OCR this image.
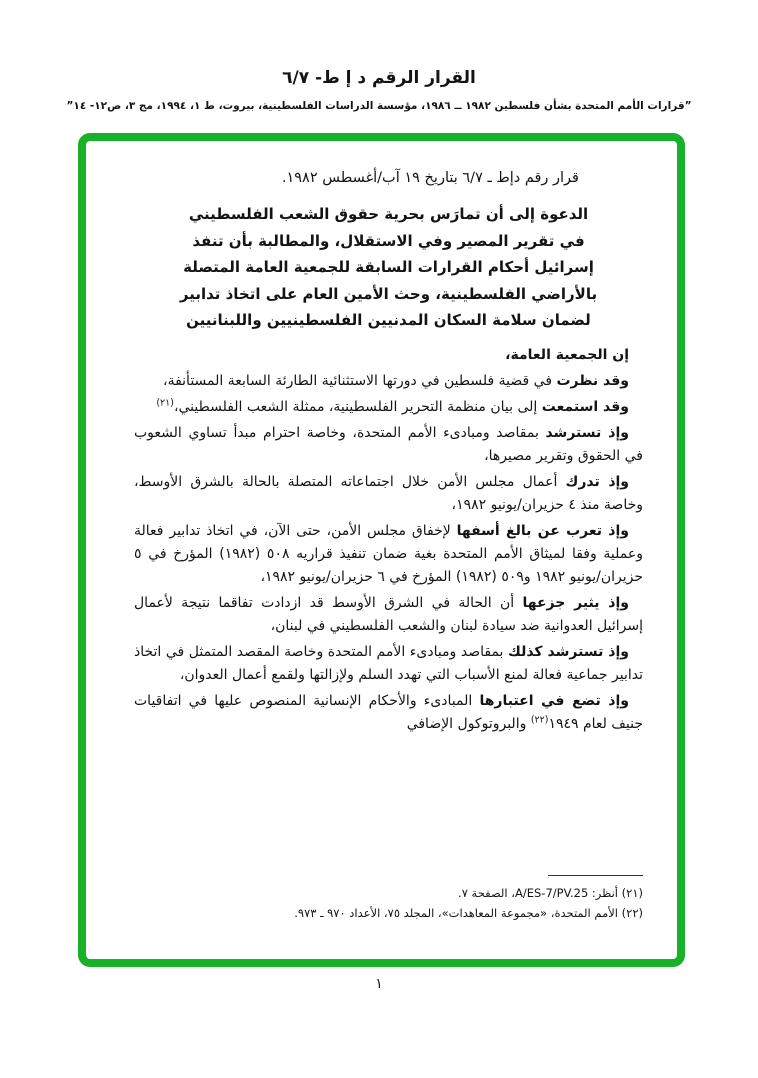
القرار الرقم د إ ط- ٦/٧
”قرارات الأمم المتحدة بشأن فلسطين ١٩٨٢ ــ ١٩٨٦، مؤسسة الدراسات الفلسطينية، بيروت، ط ١، ١٩٩٤، مج ٣، ص١٢- ١٤”
قرار رقم دإط ـ ٦/٧ بتاريخ ١٩ آب/أغسطس ١٩٨٢.
الدعوة إلى أن تمارَس بحرية حقوق الشعب الفلسطيني
في تقرير المصير وفي الاستقلال، والمطالبة بأن تنفذ
إسرائيل أحكام القرارات السابقة للجمعية العامة المتصلة
بالأراضي الفلسطينية، وحث الأمين العام على اتخاذ تدابير
لضمان سلامة السكان المدنيين الفلسطينيين واللبنانيين
إن الجمعية العامة،

وقد نظرت في قضية فلسطين في دورتها الاستثنائية الطارئة السابعة المستأنفة،

وقد استمعت إلى بيان منظمة التحرير الفلسطينية، ممثلة الشعب الفلسطيني،$^{(٢١)}$

وإذ تسترشد بمقاصد ومبادىء الأمم المتحدة، وخاصة احترام مبدأ تساوي الشعوب في الحقوق وتقرير مصيرها،

وإذ تدرك أعمال مجلس الأمن خلال اجتماعاته المتصلة بالحالة بالشرق الأوسط، وخاصة منذ ٤ حزيران/يونيو ١٩٨٢،

وإذ تعرب عن بالغ أسفها لإخفاق مجلس الأمن، حتى الآن، في اتخاذ تدابير فعالة وعملية وفقا لميثاق الأمم المتحدة بغية ضمان تنفيذ قراريه ٥٠٨ (١٩٨٢) المؤرخ في ٥ حزيران/يونيو ١٩٨٢ و٥٠٩ (١٩٨٢) المؤرخ في ٦ حزيران/يونيو ١٩٨٢،

وإذ يثير جزعها أن الحالة في الشرق الأوسط قد ازدادت تفاقما نتيجة لأعمال إسرائيل العدوانية ضد سيادة لبنان والشعب الفلسطيني في لبنان،

وإذ تسترشد كذلك بمقاصد ومبادىء الأمم المتحدة وخاصة المقصد المتمثل في اتخاذ تدابير جماعية فعالة لمنع الأسباب التي تهدد السلم ولإزالتها ولقمع أعمال العدوان،

وإذ تضع في اعتبارها المبادىء والأحكام الإنسانية المنصوص عليها في اتفاقيات جنيف لعام ١٩٤٩$^{(٢٢)}$ والبروتوكول الإضافي

(٢١) أنظر: A/ES-7/PV.25، الصفحة ٧.
(٢٢) الأمم المتحدة، «مجموعة المعاهدات»، المجلد ٧٥، الأعداد ٩٧٠ ـ ٩٧٣.
١
